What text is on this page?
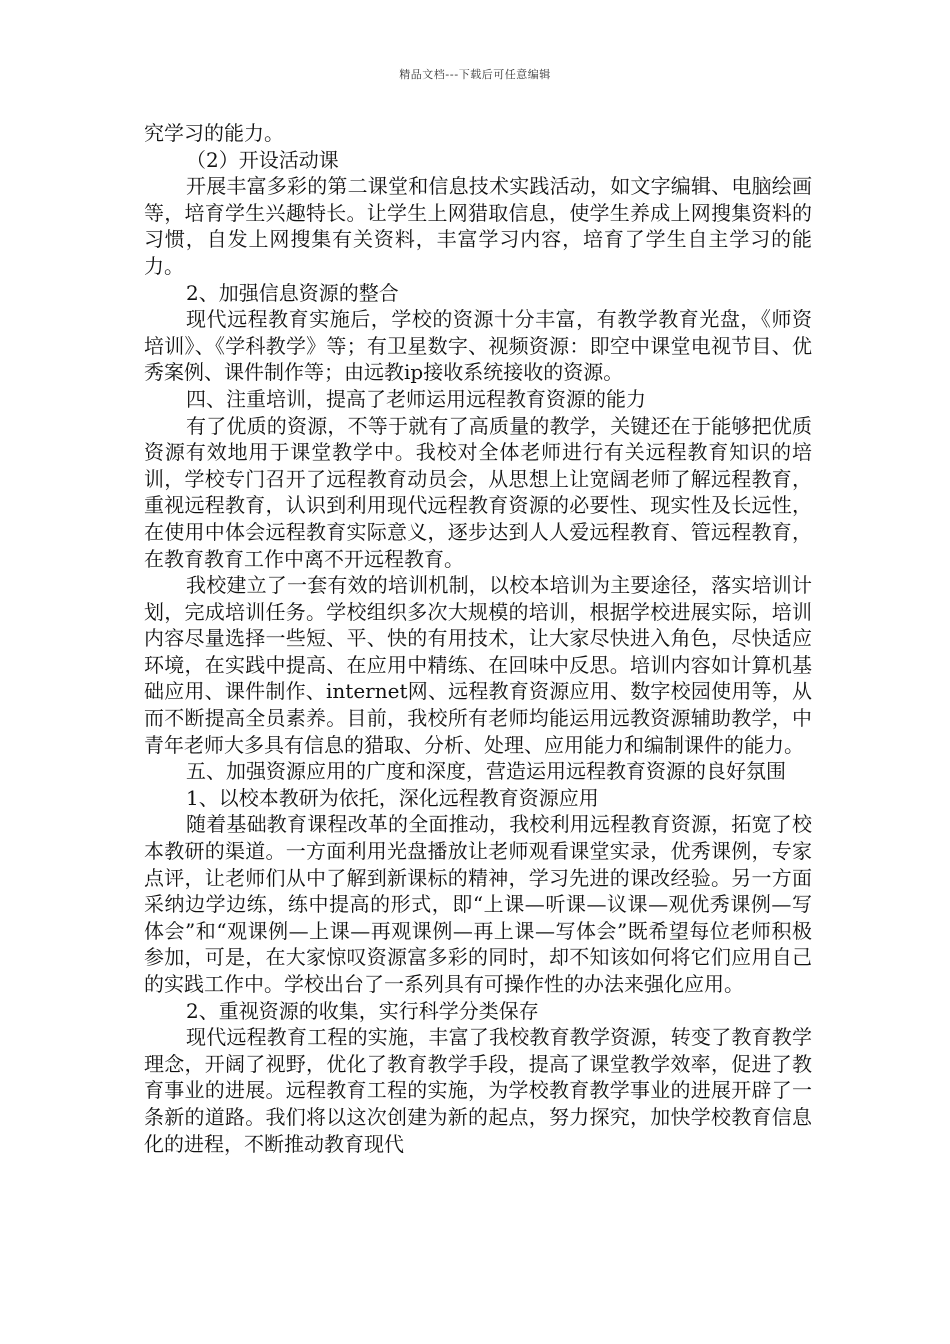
精品文档---下载后可任意编辑

究学习的能力。

（2）开设活动课

开展丰富多彩的第二课堂和信息技术实践活动，如文字编辑、电脑绘画等，培育学生兴趣特长。让学生上网猎取信息，使学生养成上网搜集资料的习惯，自发上网搜集有关资料，丰富学习内容，培育了学生自主学习的能力。

2、加强信息资源的整合

现代远程教育实施后，学校的资源十分丰富，有教学教育光盘，《师资培训》、《学科教学》等；有卫星数字、视频资源：即空中课堂电视节目、优秀案例、课件制作等；由远教ip接收系统接收的资源。

四、注重培训，提高了老师运用远程教育资源的能力

有了优质的资源，不等于就有了高质量的教学，关键还在于能够把优质资源有效地用于课堂教学中。我校对全体老师进行有关远程教育知识的培训，学校专门召开了远程教育动员会，从思想上让宽阔老师了解远程教育，重视远程教育，认识到利用现代远程教育资源的必要性、现实性及长远性，在使用中体会远程教育实际意义，逐步达到人人爱远程教育、管远程教育，在教育教育工作中离不开远程教育。

我校建立了一套有效的培训机制，以校本培训为主要途径，落实培训计划，完成培训任务。学校组织多次大规模的培训，根据学校进展实际，培训内容尽量选择一些短、平、快的有用技术，让大家尽快进入角色，尽快适应环境，在实践中提高、在应用中精练、在回味中反思。培训内容如计算机基础应用、课件制作、internet网、远程教育资源应用、数字校园使用等，从而不断提高全员素养。目前，我校所有老师均能运用远教资源辅助教学，中青年老师大多具有信息的猎取、分析、处理、应用能力和编制课件的能力。

五、加强资源应用的广度和深度，营造运用远程教育资源的良好氛围

1、以校本教研为依托，深化远程教育资源应用

随着基础教育课程改革的全面推动，我校利用远程教育资源，拓宽了校本教研的渠道。一方面利用光盘播放让老师观看课堂实录，优秀课例，专家点评，让老师们从中了解到新课标的精神，学习先进的课改经验。另一方面采纳边学边练，练中提高的形式，即“上课—听课—议课—观优秀课例—写体会”和“观课例—上课—再观课例—再上课—写体会”既希望每位老师积极参加，可是，在大家惊叹资源富多彩的同时，却不知该如何将它们应用自己的实践工作中。学校出台了一系列具有可操作性的办法来强化应用。

2、重视资源的收集，实行科学分类保存

现代远程教育工程的实施，丰富了我校教育教学资源，转变了教育教学理念，开阔了视野，优化了教育教学手段，提高了课堂教学效率，促进了教育事业的进展。远程教育工程的实施，为学校教育教学事业的进展开辟了一条新的道路。我们将以这次创建为新的起点，努力探究，加快学校教育信息化的进程，不断推动教育现代
